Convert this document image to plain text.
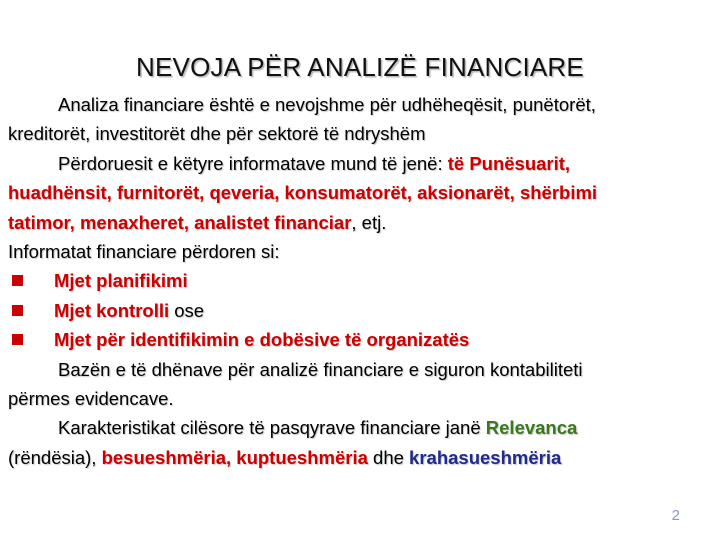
NEVOJA PËR ANALIZË FINANCIARE
Analiza financiare është e nevojshme për udhëheqësit, punëtorët,
kreditorët, investitorët dhe për sektorë të ndryshëm
Përdoruesit e këtyre informatave mund të jenë: të Punësuarit,
huadhënsit, furnitorët, qeveria, konsumatorët, aksionarët, shërbimi
tatimor, menaxheret, analistet financiar, etj.
Informatat financiare përdoren si:
Mjet planifikimi
Mjet kontrolli ose
Mjet për identifikimin e dobësive të organizatës
Bazën e të dhënave për analizë financiare e siguron kontabiliteti
përmes evidencave.
Karakteristikat cilësore të pasqyrave financiare janë Relevanca
(rëndësia), besueshmëria, kuptueshmëria dhe krahasueshmëria
2
